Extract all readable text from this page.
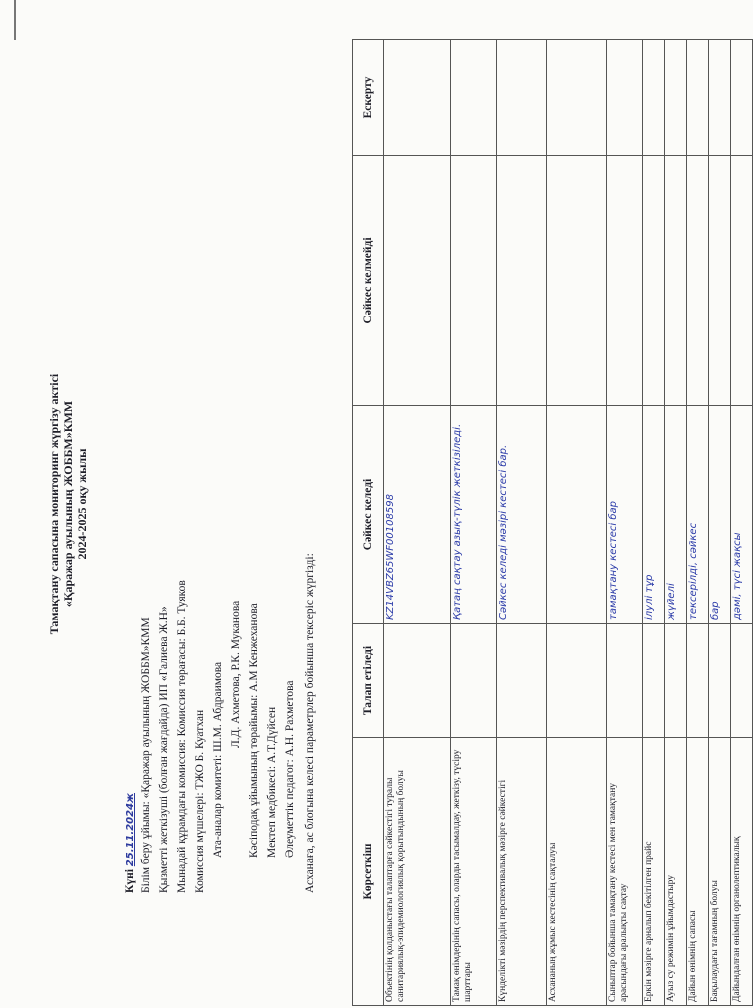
Тамақтану сапасына мониторинг жүргізу актісі «Қаражар ауылының ЖОББМ»КММ 2024-2025 оқу жылы
Күні 25.11.2024ж Білім беру ұйымы: «Қаражар ауылының ЖОББМ»КММ Қызметті жеткізуші (болған жағдайда) ИП «Галиева Ж.Н» Мынадай құрамдағы комиссия: Комиссия төрағасы: Б.Б. Туяков Комиссия мүшелері: ТЖО Б. Куатхан Ата-аналар комитеті: Ш.М. Абдраимова Л.Д. Ахметова, Р.К. Муканова Кәсіподақ ұйымының төрайымы: А.М Кенжеханова Мектеп медбикесі: А.Т.Дүйсен Әлеуметтік педагог: А.Н. Рахметова Асханаға, ас блогына келесі параметрлер бойынша тексеріс жүргізді:	Көрсеткіш	Талап етіледі	Сәйкес келеді	Сәйкес келмейді	Ескерту
Объектінің қолданыстағы талаптарға сәйкестігі туралы санитариялық-эпидемиологиялық қорытындының болуы		KZ14VBZ65WF00108598		
Тамақ өнімдерінің сапасы, оларды тасымалдау, жеткізу, түсіру шарттары		Қатаң сақтау азық-түлік жеткізіледі.		
Күнделікті мәзірдің перспективалық мәзірге сәйкестігі		Сәйкес келеді мәзірі кестесі бар.		
Асхананың жұмыс кестесінің сақталуы				
Сыныптар бойынша тамақтану кестесі мен тамақтану арасындағы аралықты сақтау		тамақтану кестесі бар		
Еркін мәзірге арналып бекітілген прайс		ілулі тұр		
Ауыз су режимін ұйымдастыру		жүйелі		
Дайын өнімнің сапасы		тексерілді, сәйкес		
Бақылаудағы тағамның болуы		бар		
Дайындалған өнімнің органолептикалық		дәмі, түсі жақсы		
